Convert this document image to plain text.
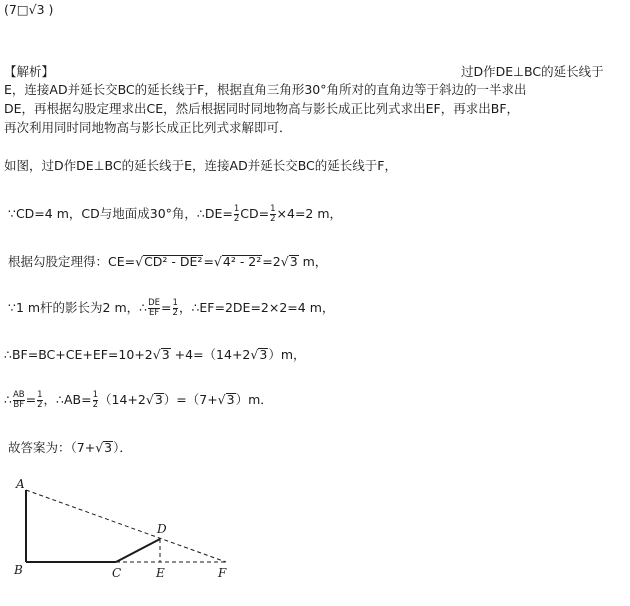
(7□√3 )
【解析】	过D作DE⊥BC的延长线于
E，连接AD并延长交BC的延长线于F，根据直角三角形30°角所对的直角边等于斜边的一半求出
DE，再根据勾股定理求出CE，然后根据同时同地物高与影长成正比列式求出EF，再求出BF，
再次利用同时同地物高与影长成正比列式求解即可．
如图，过D作DE⊥BC的延长线于E，连接AD并延长交BC的延长线于F，
∵CD=4 m，CD与地面成30°角，∴DE= $\frac{1}{2} CD= \frac{1}{2} \times 4=2$ m，
根据勾股定理得：CE=√CD² - DE²=√4² - 2²=2√3 m，
∵1 m杆的影长为2 m，∴ $\frac{DE}{EF} = \frac{1}{2}$ ，∴EF=2DE=2×2=4 m，
∴BF=BC+CE+EF=10+2√3 +4=（14+2√3）m，
∴ $\frac{AB}{BF} = \frac{1}{2}$ ，∴AB= $\frac{1}{2} (14+2√3)=(7+√3)m$．
故答案为：（7+√3）．
A
B	C
D
E	F
